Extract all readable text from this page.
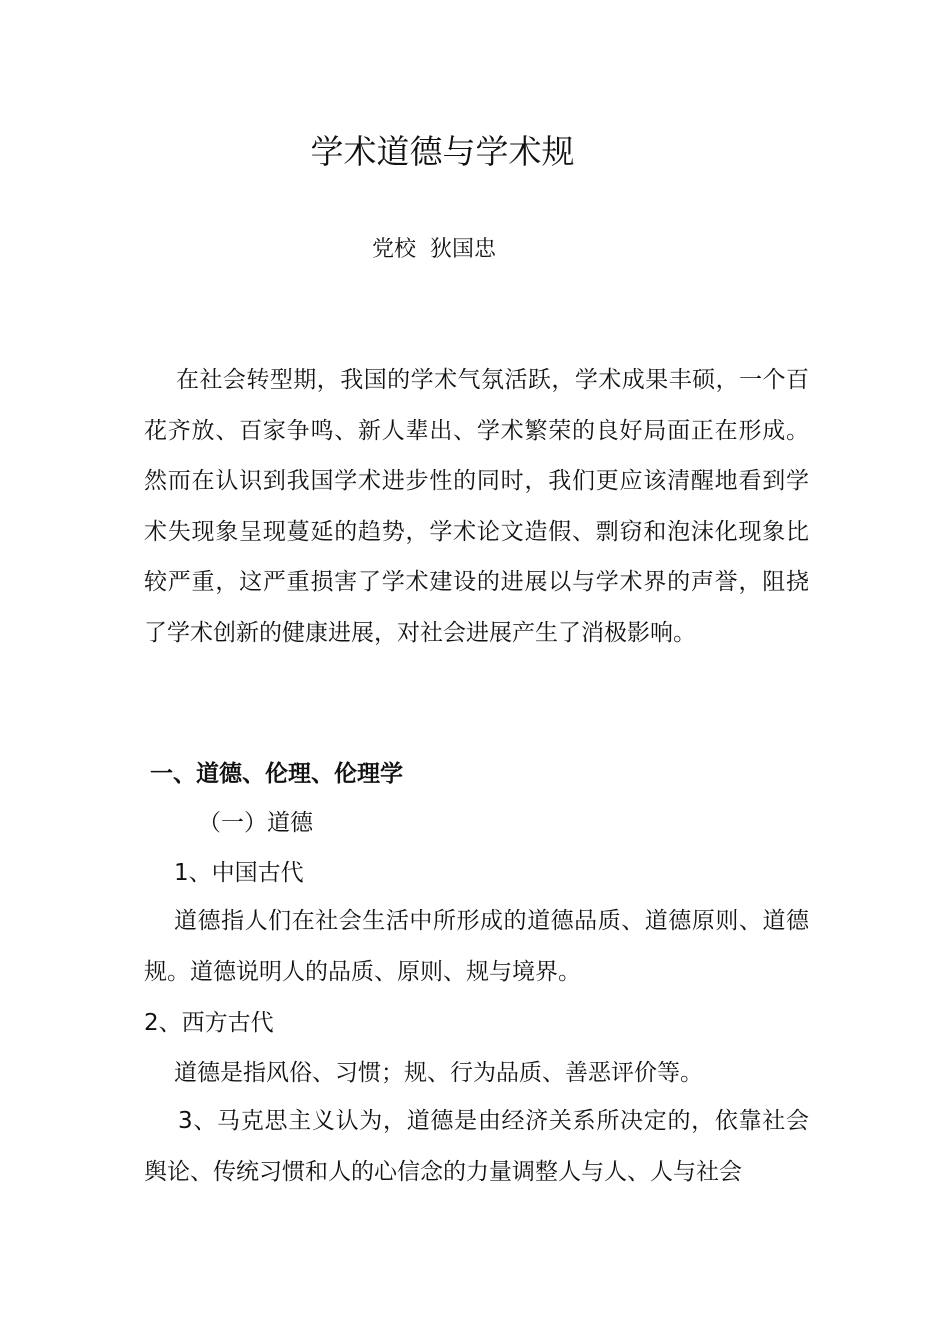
学术道德与学术规
党校  狄国忠

在社会转型期，我国的学术气氛活跃，学术成果丰硕，一个百花齐放、百家争鸣、新人辈出、学术繁荣的良好局面正在形成。然而在认识到我国学术进步性的同时，我们更应该清醒地看到学术失现象呈现蔓延的趋势，学术论文造假、剽窃和泡沫化现象比较严重，这严重损害了学术建设的进展以与学术界的声誉，阻挠了学术创新的健康进展，对社会进展产生了消极影响。

一、道德、伦理、伦理学
（一）道德
1、中国古代

道德指人们在社会生活中所形成的道德品质、道德原则、道德规。道德说明人的品质、原则、规与境界。

2、西方古代
道德是指风俗、习惯；规、行为品质、善恶评价等。

3、马克思主义认为，道德是由经济关系所决定的，依靠社会舆论、传统习惯和人的心信念的力量调整人与人、人与社会
